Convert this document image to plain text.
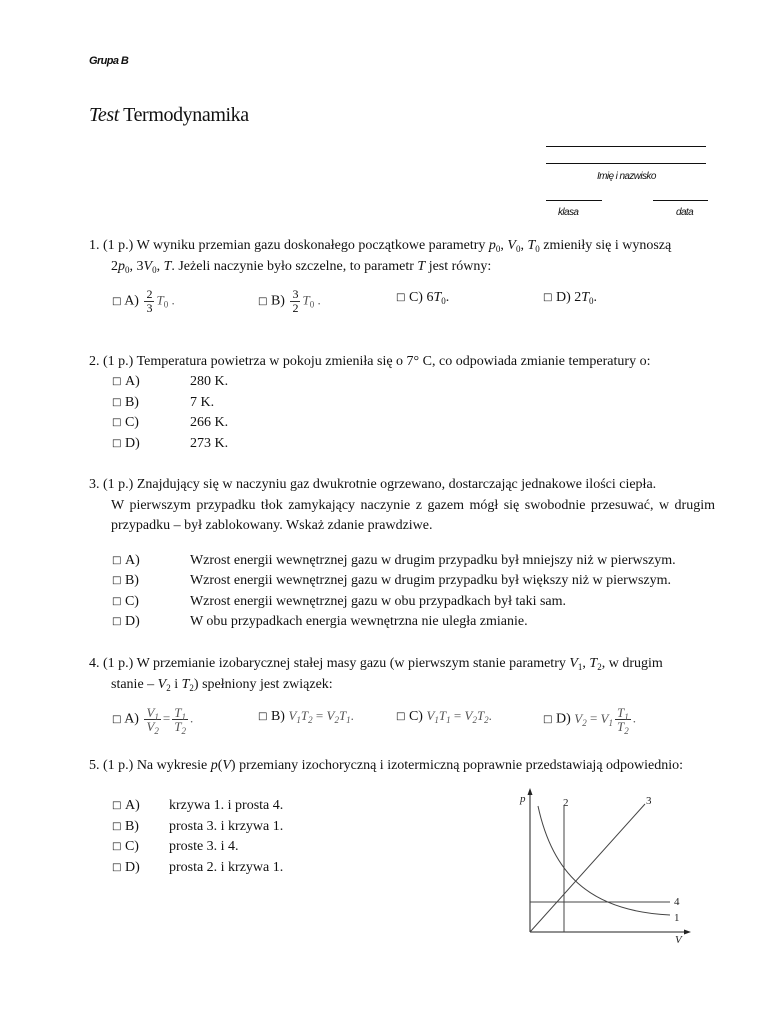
Grupa B
Test Termodynamika
Imię i nazwisko
klasa	data
1. (1 p.) W wyniku przemian gazu doskonałego początkowe parametry $p_0$, $V_0$, $T_0$ zmieniły się i wynoszą
$2p_0$, $3V_0$, T. Jeżeli naczynie było szczelne, to parametr T jest równy:
□ $A) \frac{2}{3} T_0$ .	□ $B) \frac{3}{2} T_0$ .	□ C) $6T_0$.	□ D) $2T_0$.
2. (1 p.) Temperatura powietrza w pokoju zmieniła się o 7° C, co odpowiada zmianie temperatury o:
□ A)	280 K.
□ B)	7 K.
□ C)	266 K.
□ D)	273 K.
3. (1 p.) Znajdujący się w naczyniu gaz dwukrotnie ogrzewano, dostarczając jednakowe ilości ciepła.
W pierwszym przypadku tłok zamykający naczynie z gazem mógł się swobodnie przesuwać, w drugim przypadku – był zablokowany. Wskaż zdanie prawdziwe.
□ A)	Wzrost energii wewnętrznej gazu w drugim przypadku był mniejszy niż w pierwszym.
□ B)	Wzrost energii wewnętrznej gazu w drugim przypadku był większy niż w pierwszym.
□ C)	Wzrost energii wewnętrznej gazu w obu przypadkach był taki sam.
□ D)	W obu przypadkach energia wewnętrzna nie uległa zmianie.
4. (1 p.) W przemianie izobarycznej stałej masy gazu (w pierwszym stanie parametry $V_1$, $T_2$, w drugim
stanie – $V_2$ i $T_2$) spełniony jest związek:
□ $A) \frac{V_1}{V_2} = \frac{T_1}{T_2}$ .	□ B) $V_1T_2 = V_2T_1$.	□ C) $V_1T_1 = V_2T_2$.	□ D) $V_2 = V_1 \frac{T_1}{T_2}$ .
5. (1 p.) Na wykresie p(V) przemiany izochoryczną i izotermiczną poprawnie przedstawiają odpowiednio:
□ A) krzywa 1. i prosta 4.
□ B) prosta 3. i krzywa 1.
□ C) proste 3. i 4.
□ D) prosta 2. i krzywa 1.
p
V
1
2	3
4
